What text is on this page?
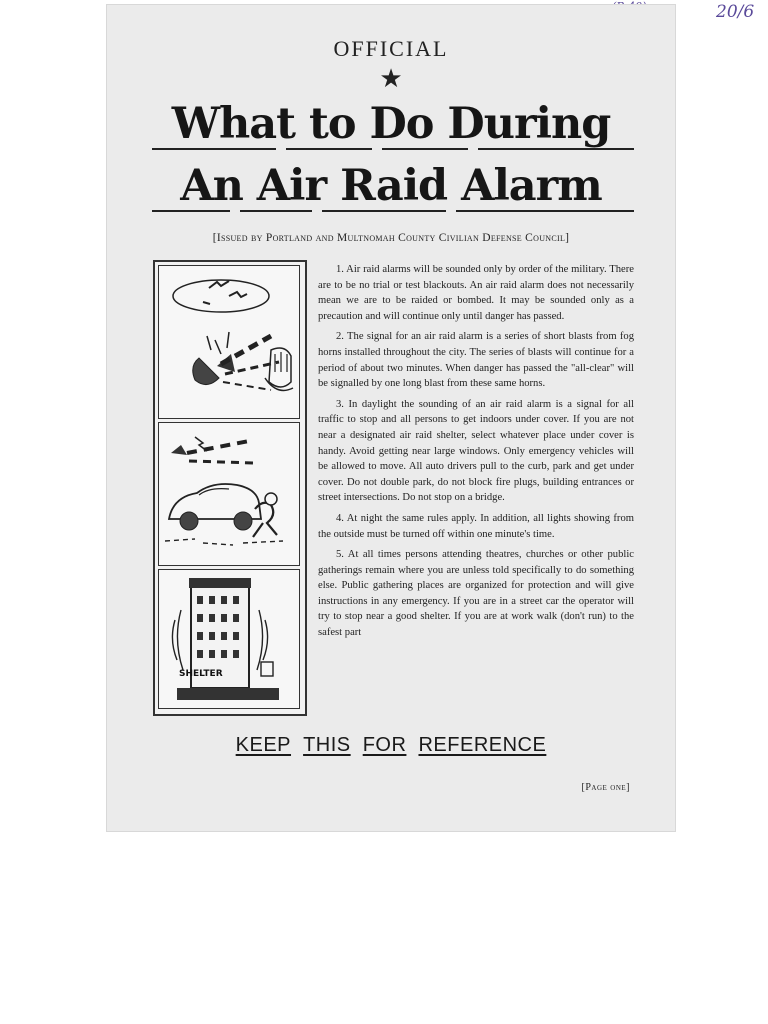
20/6
OFFICIAL
★
What to Do During
An Air Raid Alarm
[Issued by Portland and Multnomah County Civilian Defense Council]
SHELTER

1. Air raid alarms will be sounded only by order of the military. There are to be no trial or test blackouts. An air raid alarm does not necessarily mean we are to be raided or bombed. It may be sounded only as a precaution and will continue only until danger has passed.

2. The signal for an air raid alarm is a series of short blasts from fog horns installed throughout the city. The series of blasts will continue for a period of about two minutes. When danger has passed the "all-clear" will be signalled by one long blast from these same horns.

3. In daylight the sounding of an air raid alarm is a signal for all traffic to stop and all persons to get indoors under cover. If you are not near a designated air raid shelter, select whatever place under cover is handy. Avoid getting near large windows. Only emergency vehicles will be allowed to move. All auto drivers pull to the curb, park and get under cover. Do not double park, do not block fire plugs, building entrances or street intersections. Do not stop on a bridge.

4. At night the same rules apply. In addition, all lights showing from the outside must be turned off within one minute's time.

5. At all times persons attending theatres, churches or other public gatherings remain where you are unless told specifically to do something else. Public gathering places are organized for protection and will give instructions in any emergency. If you are in a street car the operator will try to stop near a good shelter. If you are at work walk (don't run) to the safest part

KEEP THIS FOR REFERENCE
[Page one]
